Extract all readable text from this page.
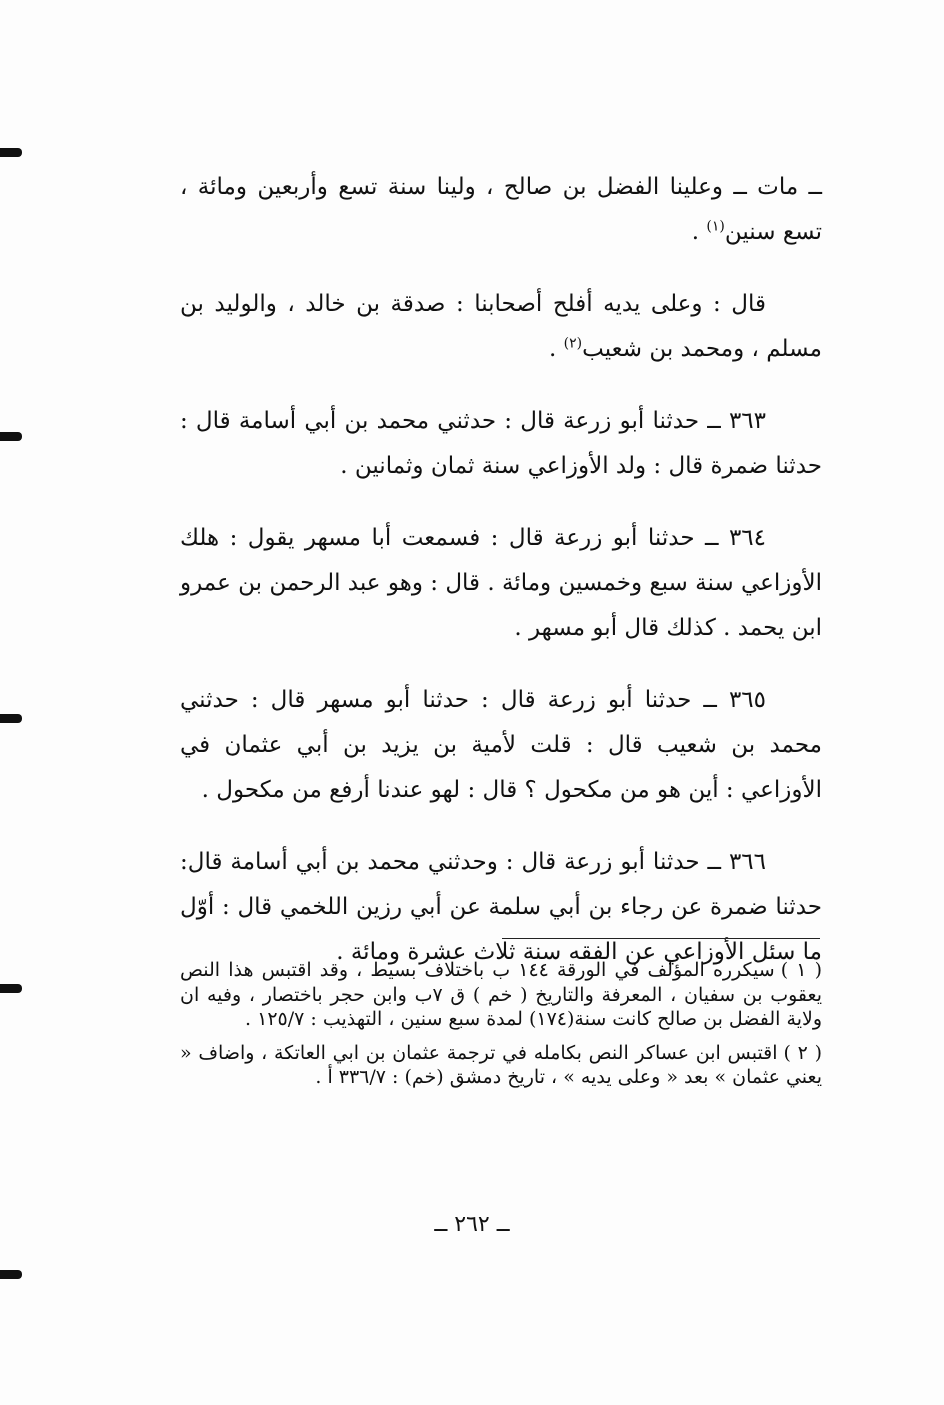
ــ مات ــ وعلينا الفضل بن صالح ، ولينا سنة تسع وأربعين ومائة ، تسع سنين$^{(١)}$ .
قال : وعلى يديه أفلح أصحابنا : صدقة بن خالد ، والوليد بن مسلم ، ومحمد بن شعيب$^{(٢)}$ .
٣٦٣ ــ حدثنا أبو زرعة قال : حدثني محمد بن أبي أسامة قال : حدثنا ضمرة قال : ولد الأوزاعي سنة ثمان وثمانين .
٣٦٤ ــ حدثنا أبو زرعة قال : فسمعت أبا مسهر يقول : هلك الأوزاعي سنة سبع وخمسين ومائة . قال : وهو عبد الرحمن بن عمرو ابن يحمد . كذلك قال أبو مسهر .
٣٦٥ ــ حدثنا أبو زرعة قال : حدثنا أبو مسهر قال : حدثني محمد بن شعيب قال : قلت لأمية بن يزيد بن أبي عثمان في الأوزاعي : أين هو من مكحول ؟ قال : لهو عندنا أرفع من مكحول .
٣٦٦ ــ حدثنا أبو زرعة قال : وحدثني محمد بن أبي أسامة قال: حدثنا ضمرة عن رجاء بن أبي سلمة عن أبي رزين اللخمي قال : أوّل ما سئل الأوزاعي عن الفقه سنة ثلاث عشرة ومائة .
( ١ )سيكرره المؤلف في الورقة ١٤٤ ب باختلاف بسيط ، وقد اقتبس هذا النص يعقوب بن سفيان ، المعرفة والتاريخ ( خم ) ق ٧ب وابن حجر باختصار ، وفيه ان ولاية الفضل بن صالح كانت سنة(١٧٤) لمدة سبع سنين ، التهذيب : ١٢٥/٧ .
( ٢ )اقتبس ابن عساكر النص بكامله في ترجمة عثمان بن ابي العاتكة ، واضاف « يعني عثمان » بعد « وعلى يديه » ، تاريخ دمشق (خم) : ٣٣٦/٧ أ .
ــ ٢٦٢ ــ
